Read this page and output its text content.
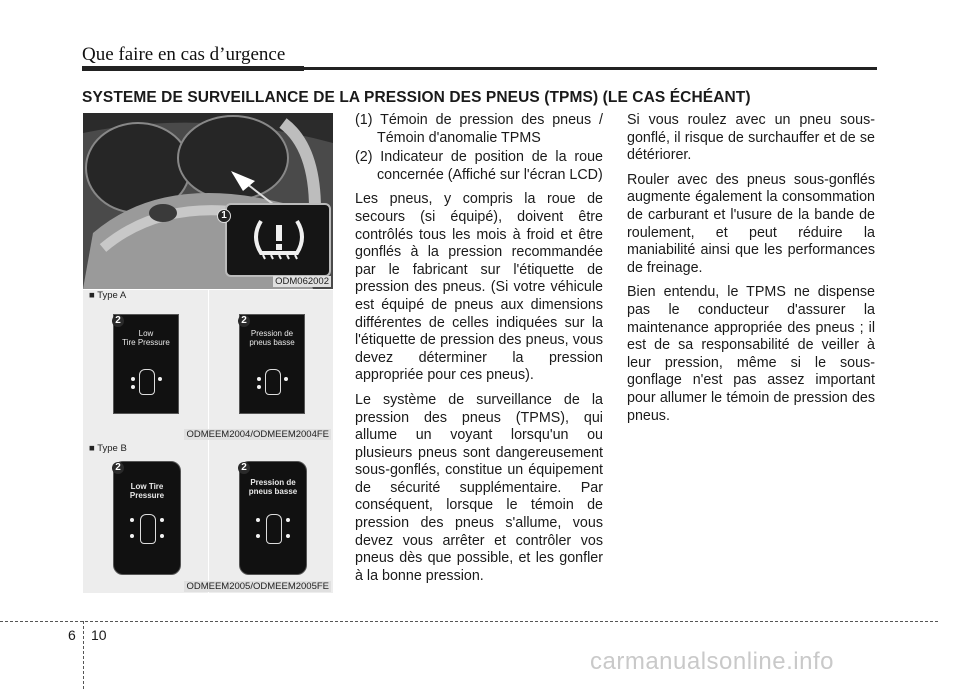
Que faire en cas d’urgence
SYSTEME DE SURVEILLANCE DE LA PRESSION DES PNEUS (TPMS) (LE CAS ÉCHÉANT)
1
ODM062002
■ Type A
Low
Tire Pressure
2
Pression de
pneus basse
2
ODMEEM2004/ODMEEM2004FE
■ Type B
Low Tire Pressure
2
Pression de
pneus basse
2
ODMEEM2005/ODMEEM2005FE

(1) Témoin de pression des pneus / Témoin d'anomalie TPMS

(2) Indicateur de position de la roue concernée (Affiché sur l'écran LCD)

Les pneus, y compris la roue de secours (si équipé), doivent être contrôlés tous les mois à froid et être gonflés à la pression recommandée par le fabricant sur l'étiquette de pression des pneus. (Si votre véhicule est équipé de pneus aux dimensions différentes de celles indiquées sur la l'étiquette de pression des pneus, vous devez déterminer la pression appropriée pour ces pneus).

Le système de surveillance de la pression des pneus (TPMS), qui allume un voyant lorsqu'un ou plusieurs pneus sont dangereusement sous-gonflés, constitue un équipement de sécurité supplémentaire. Par conséquent, lorsque le témoin de pression des pneus s'allume, vous devez vous arrêter et contrôler vos pneus dès que possible, et les gonfler à la bonne pression.

Si vous roulez avec un pneu sous-gonflé, il risque de surchauffer et de se détériorer.

Rouler avec des pneus sous-gonflés augmente également la consommation de carburant et l'usure de la bande de roulement, et peut réduire la maniabilité ainsi que les performances de freinage.

Bien entendu, le TPMS ne dispense pas le conducteur d'assurer la maintenance appropriée des pneus ; il est de sa responsabilité de veiller à leur pression, même si le sous-gonflage n'est pas assez important pour allumer le témoin de pression des pneus.

6 10
carmanualsonline.info
